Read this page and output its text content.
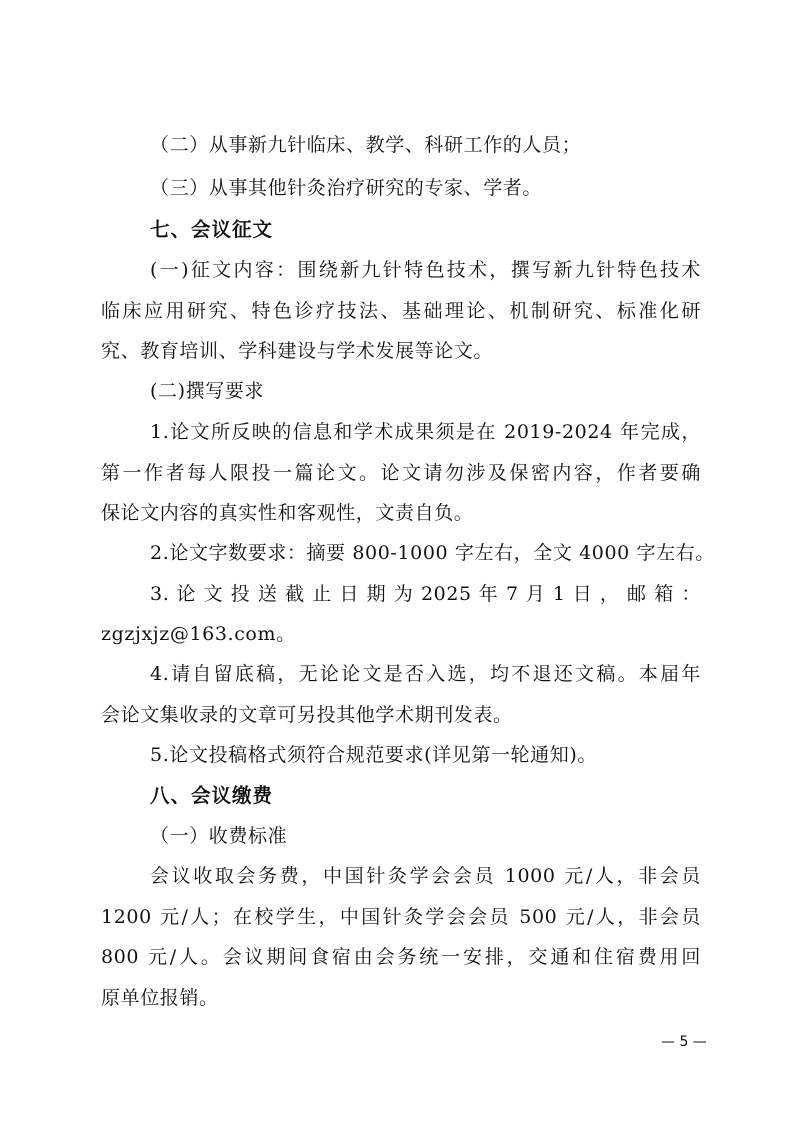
（二）从事新九针临床、教学、科研工作的人员；
（三）从事其他针灸治疗研究的专家、学者。
七、会议征文
(一)征文内容：围绕新九针特色技术，撰写新九针特色技术
临床应用研究、特色诊疗技法、基础理论、机制研究、标准化研
究、教育培训、学科建设与学术发展等论文。
(二)撰写要求
1.论文所反映的信息和学术成果须是在 2019-2024 年完成，
第一作者每人限投一篇论文。论文请勿涉及保密内容，作者要确
保论文内容的真实性和客观性，文责自负。
2.论文字数要求：摘要 800-1000 字左右，全文 4000 字左右。
3. 论 文 投 送 截 止 日 期 为 2025 年 7 月 1 日 ， 邮 箱 ：
zgzjxjz@163.com。
4.请自留底稿，无论论文是否入选，均不退还文稿。本届年
会论文集收录的文章可另投其他学术期刊发表。
5.论文投稿格式须符合规范要求(详见第一轮通知)。
八、会议缴费
（一）收费标准
会议收取会务费，中国针灸学会会员 1000 元/人，非会员
1200 元/人；在校学生，中国针灸学会会员 500 元/人，非会员
800 元/人。会议期间食宿由会务统一安排，交通和住宿费用回
原单位报销。
— 5 —
